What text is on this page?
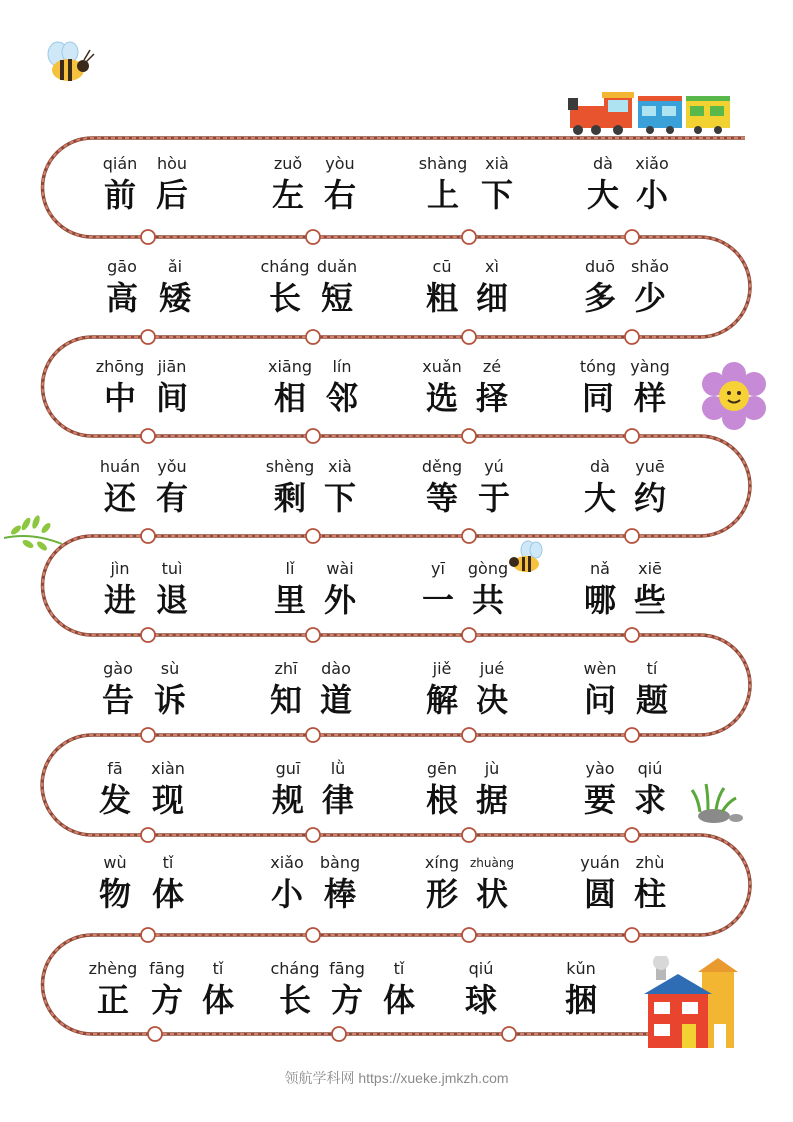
qián
前
hòu
后
zuǒ
左
yòu
右
shàng
上
xià
下
dà
大
xiǎo
小
gāo
高
ǎi
矮
cháng
长
duǎn
短
cū
粗
xì
细
duō
多
shǎo
少
zhōng
中
jiān
间
xiāng
相
lín
邻
xuǎn
选
zé
择
tóng
同
yàng
样
huán
还
yǒu
有
shèng
剩
xià
下
děng
等
yú
于
dà
大
yuē
约
jìn
进
tuì
退
lǐ
里
wài
外
yī
一
gòng
共
nǎ
哪
xiē
些
gào
告
sù
诉
zhī
知
dào
道
jiě
解
jué
决
wèn
问
tí
题
fā
发
xiàn
现
guī
规
lǜ
律
gēn
根
jù
据
yào
要
qiú
求
wù
物
tǐ
体
xiǎo
小
bàng
棒
xíng
形
zhuàng
状
yuán
圆
zhù
柱
zhèng
正
fāng
方
tǐ
体
cháng
长
fāng
方
tǐ
体
qiú
球
kǔn
捆
领航学科网 https://xueke.jmkzh.com
